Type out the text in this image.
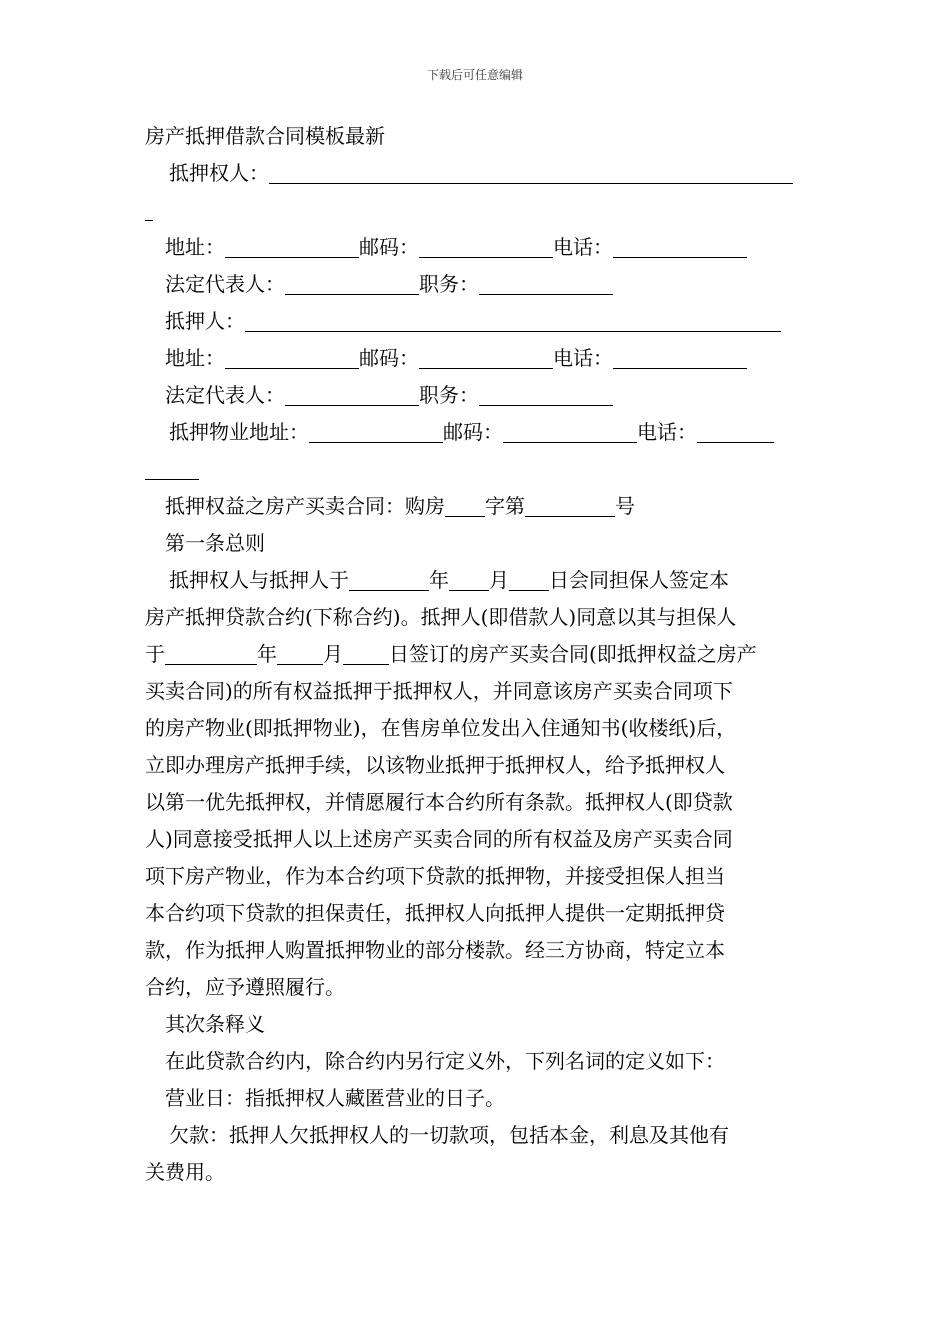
下载后可任意编辑
房产抵押借款合同模板最新
抵押权人：
地址：	邮码：	电话：
法定代表人：	职务：
抵押人：
地址：	邮码：	电话：
法定代表人：	职务：
抵押物业地址：	邮码：	电话：
抵押权益之房产买卖合同：购房 字第	号
第一条总则
抵押权人与抵押人于	年 月 日会同担保人签定本
房产抵押贷款合约(下称合约)。抵押人(即借款人)同意以其与担保人
于	年 月 日签订的房产买卖合同(即抵押权益之房产
买卖合同)的所有权益抵押于抵押权人，并同意该房产买卖合同项下
的房产物业(即抵押物业)，在售房单位发出入住通知书(收楼纸)后，
立即办理房产抵押手续，以该物业抵押于抵押权人，给予抵押权人
以第一优先抵押权，并情愿履行本合约所有条款。抵押权人(即贷款
人)同意接受抵押人以上述房产买卖合同的所有权益及房产买卖合同
项下房产物业，作为本合约项下贷款的抵押物，并接受担保人担当
本合约项下贷款的担保责任，抵押权人向抵押人提供一定期抵押贷
款，作为抵押人购置抵押物业的部分楼款。经三方协商，特定立本
合约，应予遵照履行。
其次条释义
在此贷款合约内，除合约内另行定义外，下列名词的定义如下：
营业日：指抵押权人藏匿营业的日子。
欠款：抵押人欠抵押权人的一切款项，包括本金，利息及其他有
关费用。
